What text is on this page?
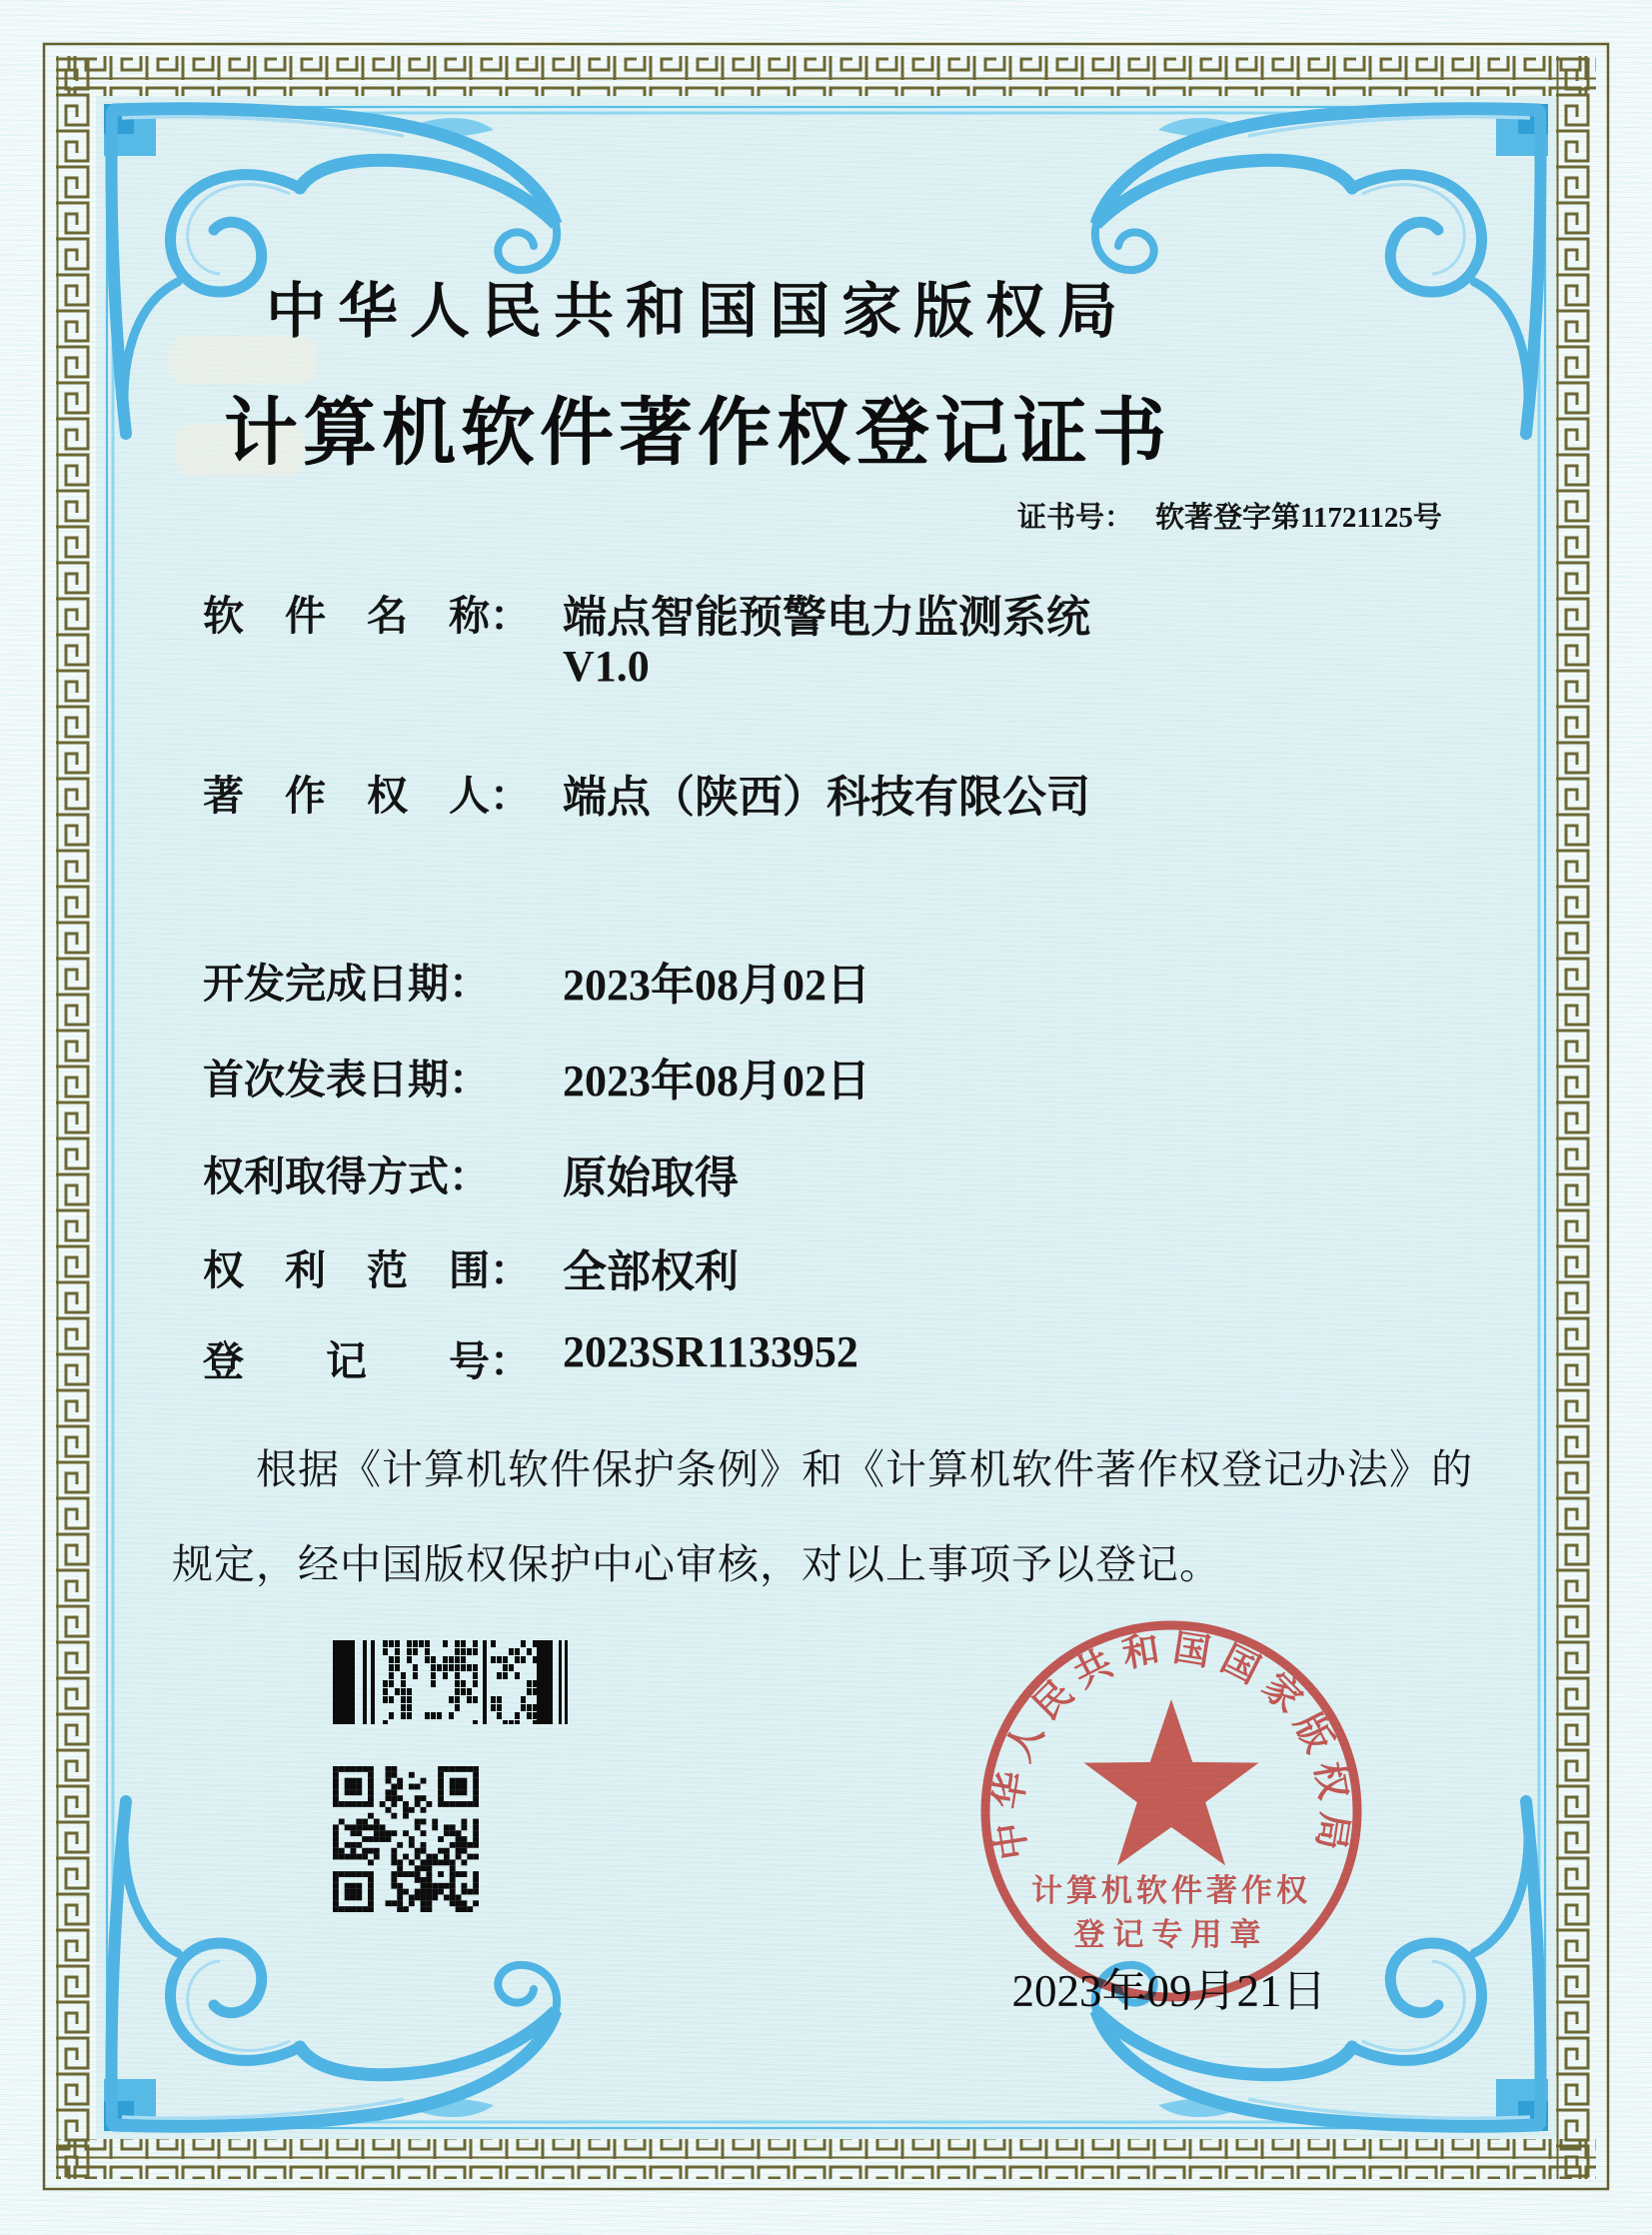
中华人民共和国国家版权局
计算机软件著作权登记证书
证书号： 软著登字第11721125号
软　件　名　称： 端点智能预警电力监测系统
V1.0
著　作　权　人： 端点（陕西）科技有限公司
开发完成日期： 2023年08月02日
首次发表日期： 2023年08月02日
权利取得方式： 原始取得
权　利　范　围： 全部权利
登　　记　　号： 2023SR1133952
根据《计算机软件保护条例》和《计算机软件著作权登记办法》的
规定，经中国版权保护中心审核，对以上事项予以登记。
中华人民共和国国家版权局
计算机软件著作权
登记专用章
2023年09月21日
